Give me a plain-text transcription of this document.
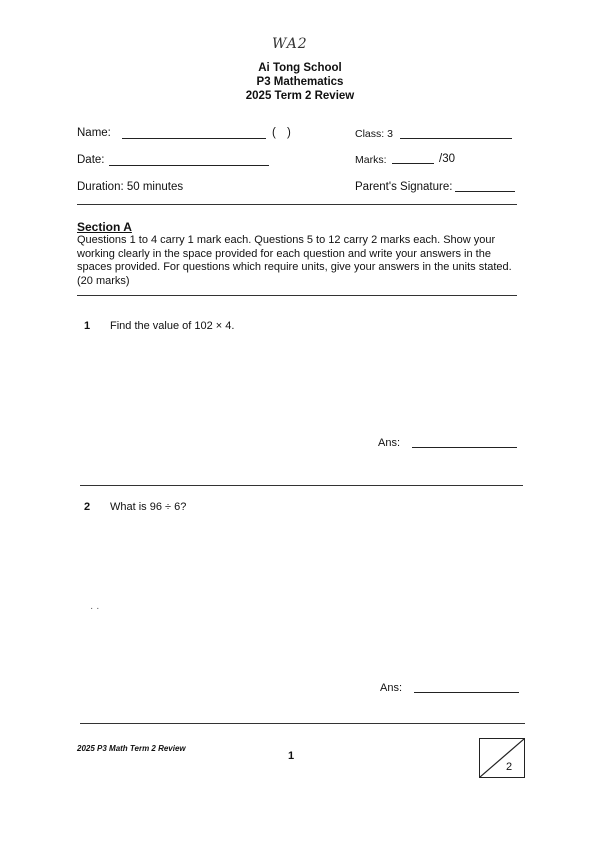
WA2
Ai Tong School
P3 Mathematics
2025 Term 2 Review
Name:	( )	Class: 3
Date:	Marks:	/30
Duration: 50 minutes	Parent's Signature:
Section A
Questions 1 to 4 carry 1 mark each. Questions 5 to 12 carry 2 marks each. Show your working clearly in the space provided for each question and write your answers in the spaces provided. For questions which require units, give your answers in the units stated. (20 marks)
1 Find the value of 102 × 4.
Ans:
2 What is 96 ÷ 6?
· ·
Ans:
2025 P3 Math Term 2 Review
1
2
